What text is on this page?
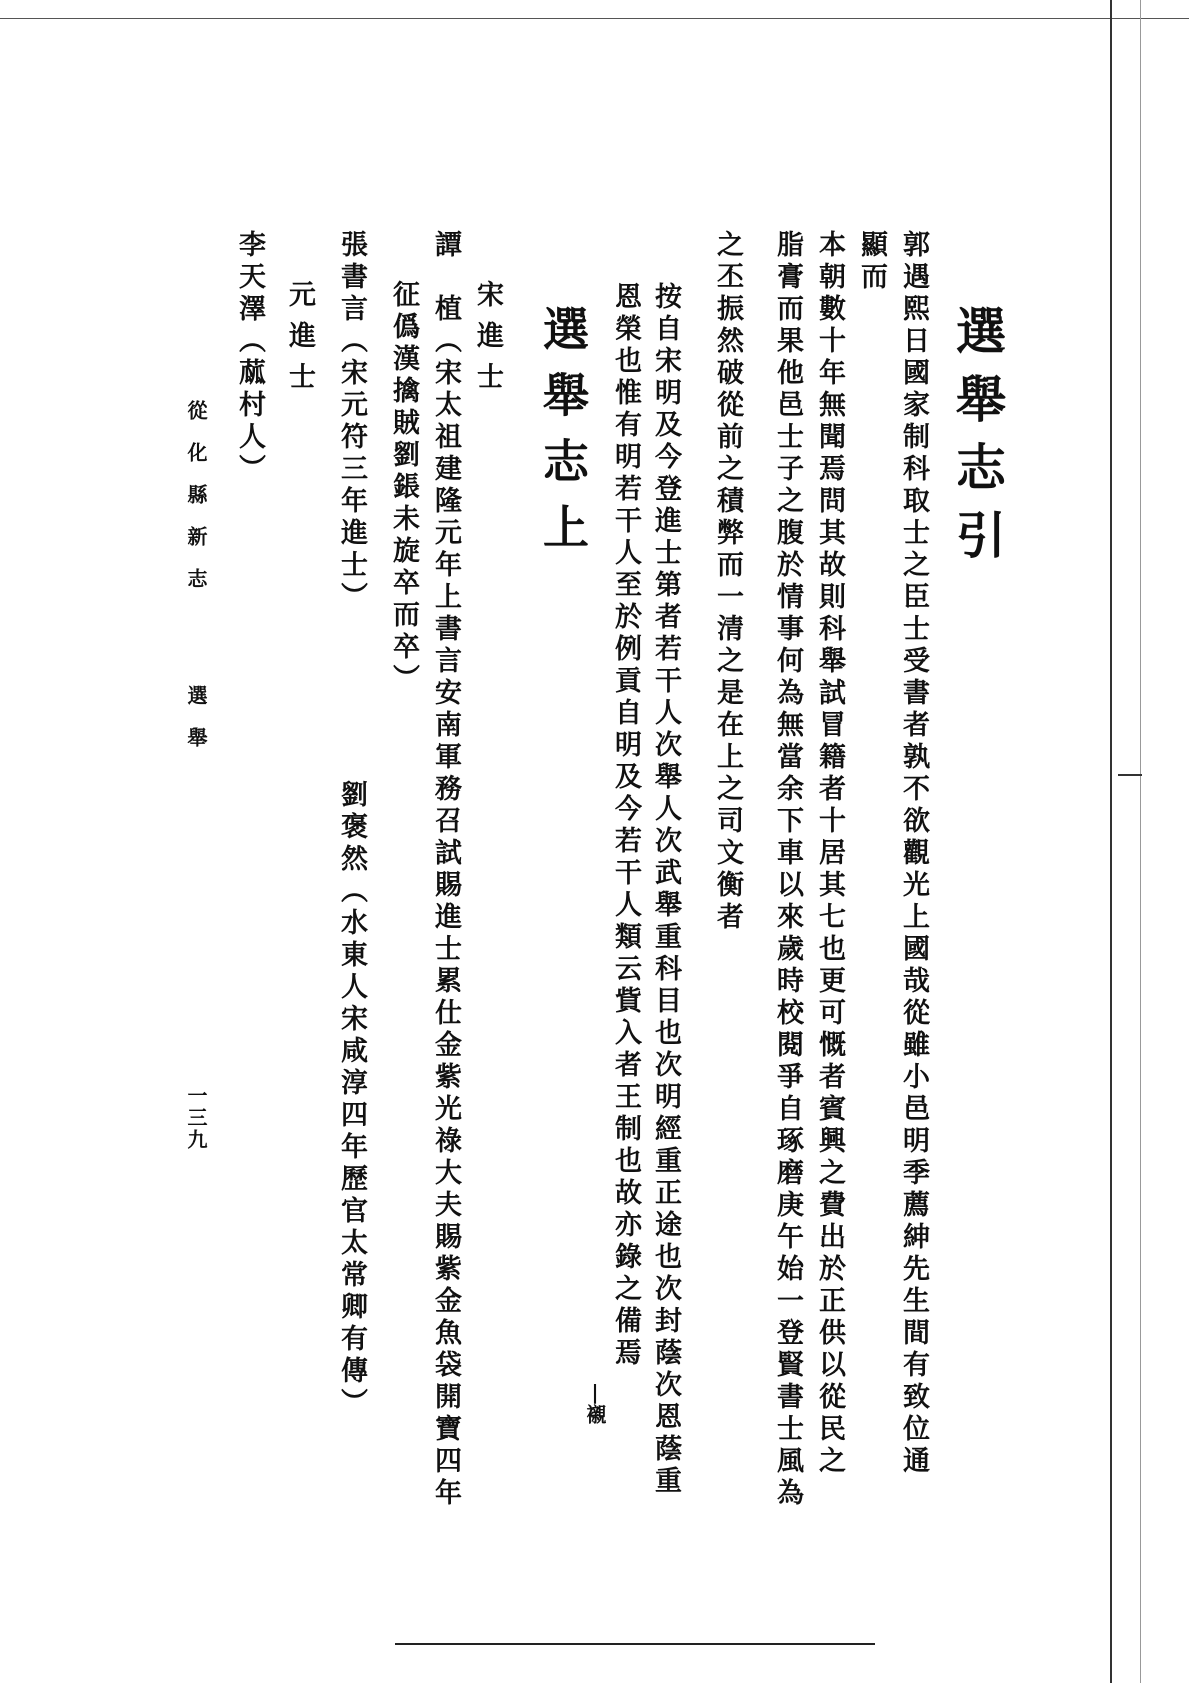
選舉志引
郭遇熙日國家制科取士之臣士受書者孰不欲觀光上國哉從雖小邑明季薦紳先生間有致位通
顯而
本朝數十年無聞焉問其故則科舉試冒籍者十居其七也更可慨者賓興之費出於正供以從民之
脂膏而果他邑士子之腹於情事何為無當余下車以來歲時校閱爭自琢磨庚午始一登賢書士風為
之丕振然破從前之積弊而一清之是在上之司文衡者
按自宋明及今登進士第者若干人次舉人次武舉重科目也次明經重正途也次封蔭次恩蔭重
恩榮也惟有明若干人至於例貢自明及今若干人類云貲入者王制也故亦錄之備焉
選舉志上
宋進士
譚　植（宋太祖建隆元年上書言安南軍務召試賜進士累仕金紫光祿大夫賜紫金魚袋開寶四年
征僞漢擒賊劉鋹未旋卒而卒）
張書言（宋元符三年進士）
劉褒然（水東人宋咸淳四年歷官太常卿有傳）
元進士
李天澤（蓏村人）
從化縣新志
選舉
一三九
|襯
